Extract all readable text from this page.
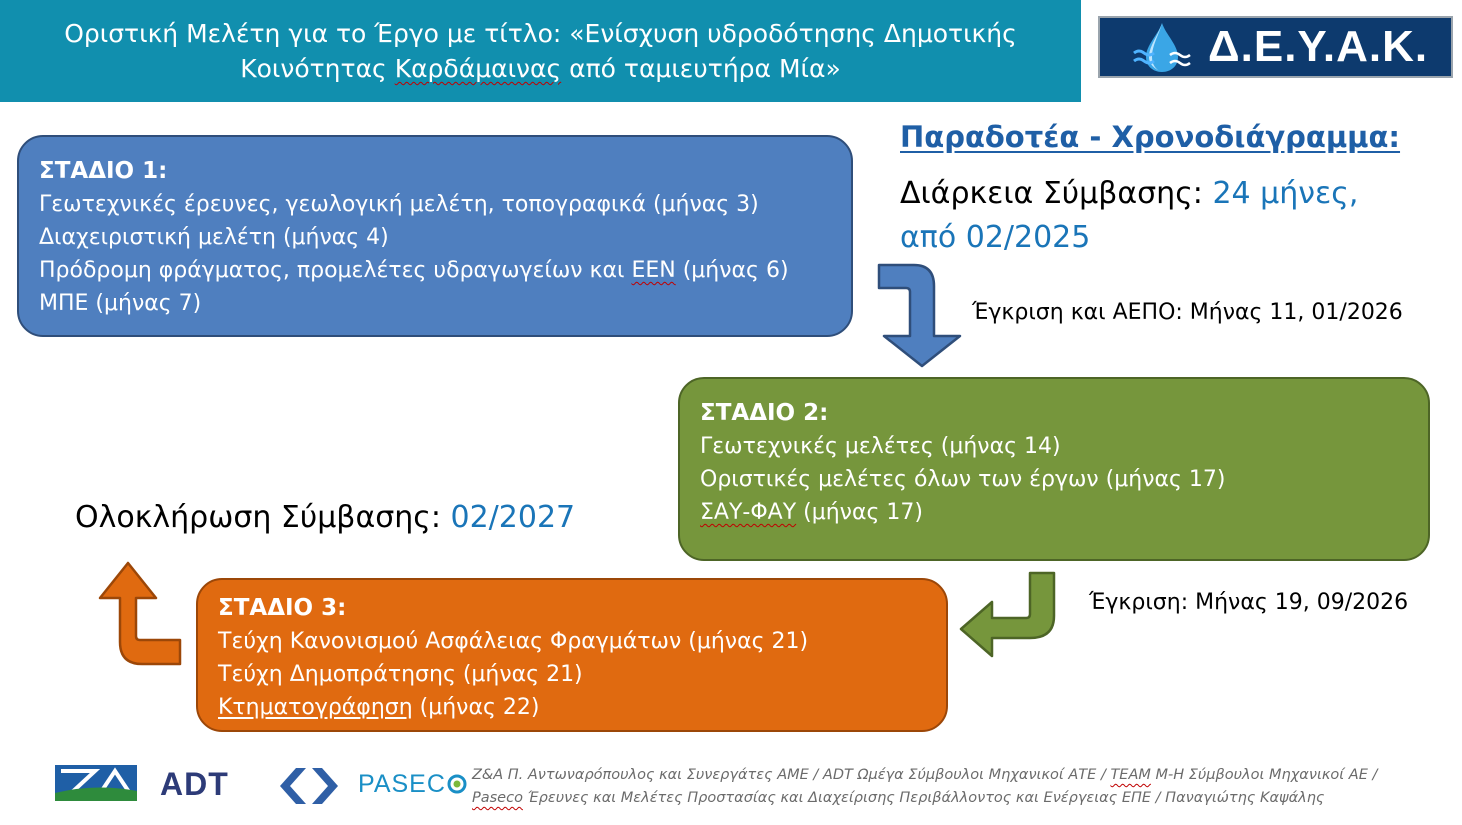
Οριστική Μελέτη για το Έργο με τίτλο: «Ενίσχυση υδροδότησης Δημοτικής
Κοινότητας Καρδάμαινας από ταμιευτήρα Μία»	Δ.Ε.Υ.Α.Κ.
ΣΤΑΔΙΟ 1:
Γεωτεχνικές έρευνες, γεωλογική μελέτη, τοπογραφικά (μήνας 3)
Διαχειριστική μελέτη (μήνας 4)
Πρόδρομη φράγματος, προμελέτες υδραγωγείων και ΕΕΝ (μήνας 6)
ΜΠΕ (μήνας 7)
Παραδοτέα - Χρονοδιάγραμμα:
Διάρκεια Σύμβασης: 24 μήνες,
από 02/2025
Έγκριση και ΑΕΠΟ: Μήνας 11, 01/2026
ΣΤΑΔΙΟ 2:
Γεωτεχνικές μελέτες (μήνας 14)
Οριστικές μελέτες όλων των έργων (μήνας 17)
ΣΑΥ-ΦΑΥ (μήνας 17)
Έγκριση: Μήνας 19, 09/2026
Ολοκλήρωση Σύμβασης: 02/2027
ΣΤΑΔΙΟ 3:
Τεύχη Κανονισμού Ασφάλειας Φραγμάτων (μήνας 21)
Τεύχη Δημοπράτησης (μήνας 21)
Κτηματογράφηση (μήνας 22)
ADT	PASEC	Ζ&Α Π. Αντωναρόπουλος και Συνεργάτες ΑΜΕ / ADT Ωμέγα Σύμβουλοι Μηχανικοί ΑΤΕ / ΤΕΑΜ Μ-Η Σύμβουλοι Μηχανικοί ΑΕ /
Paseco Έρευνες και Μελέτες Προστασίας και Διαχείρισης Περιβάλλοντος και Ενέργειας ΕΠΕ / Παναγιώτης Καψάλης
